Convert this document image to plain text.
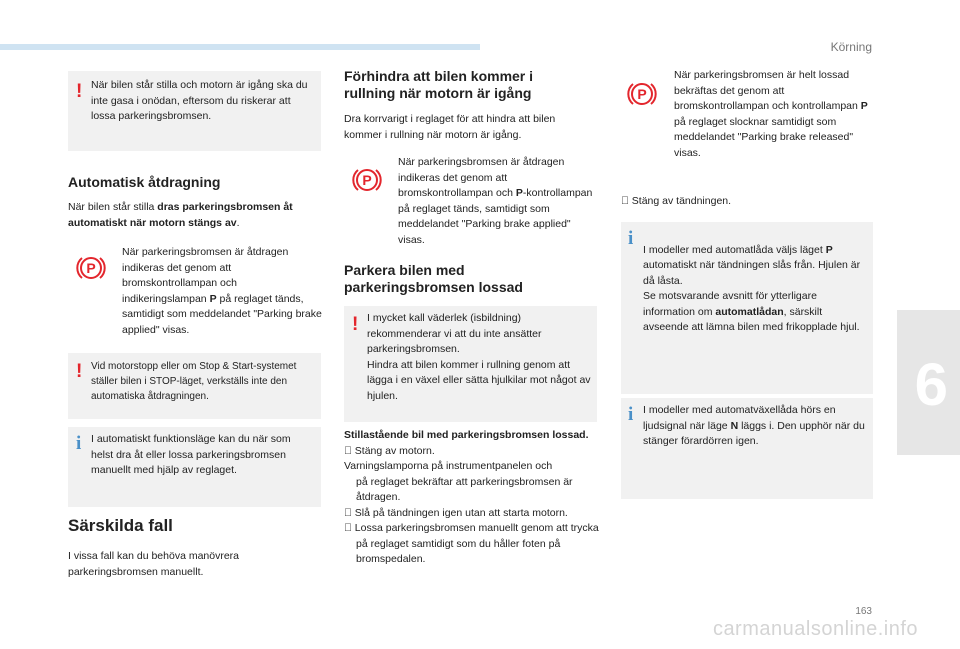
Körning
! När bilen står stilla och motorn är igång ska du inte gasa i onödan, eftersom du riskerar att lossa parkeringsbromsen.

Automatisk åtdragning
När bilen står stilla dras parkeringsbromsen åt automatiskt när motorn stängs av.
P
När parkeringsbromsen är åtdragen indikeras det genom att bromskontrollampan och indikeringslampan P på reglaget tänds, samtidigt som meddelandet "Parking brake applied" visas.
! Vid motorstopp eller om Stop & Start-systemet ställer bilen i STOP-läget, verkställs inte den automatiska åtdragningen.

i I automatiskt funktionsläge kan du när som helst dra åt eller lossa parkeringsbromsen manuellt med hjälp av reglaget.

Särskilda fall
I vissa fall kan du behöva manövrera parkeringsbromsen manuellt.
Förhindra att bilen kommer i rullning när motorn är igång
Dra korrvarigt i reglaget för att hindra att bilen kommer i rullning när motorn är igång.
P
När parkeringsbromsen är åtdragen indikeras det genom att bromskontrollampan och P-kontrollampan på reglaget tänds, samtidigt som meddelandet "Parking brake applied" visas.
Parkera bilen med parkeringsbromsen lossad
! I mycket kall väderlek (isbildning) rekommenderar vi att du inte ansätter parkeringsbromsen.
Hindra att bilen kommer i rullning genom att lägga i en växel eller sätta hjulkilar mot något av hjulen.

Stillastående bil med parkeringsbromsen lossad.
Stäng av motorn.
Varningslamporna på instrumentpanelen och
på reglaget bekräftar att parkeringsbromsen är åtdragen.
Slå på tändningen igen utan att starta motorn.
Lossa parkeringsbromsen manuellt genom att trycka på reglaget samtidigt som du håller foten på bromspedalen.
P
När parkeringsbromsen är helt lossad bekräftas det genom att bromskontrollampan och kontrollampan P på reglaget slocknar samtidigt som meddelandet "Parking brake released" visas.
Stäng av tändningen.
i

I modeller med automatlåda väljs läget P automatiskt när tändningen slås från. Hjulen är då låsta.
Se motsvarande avsnitt för ytterligare information om automatlådan, särskilt avseende att lämna bilen med frikopplade hjul.

i I modeller med automatväxellåda hörs en ljudsignal när läge N läggs i. Den upphör när du stänger förardörren igen.

6
163
carmanualsonline.info
